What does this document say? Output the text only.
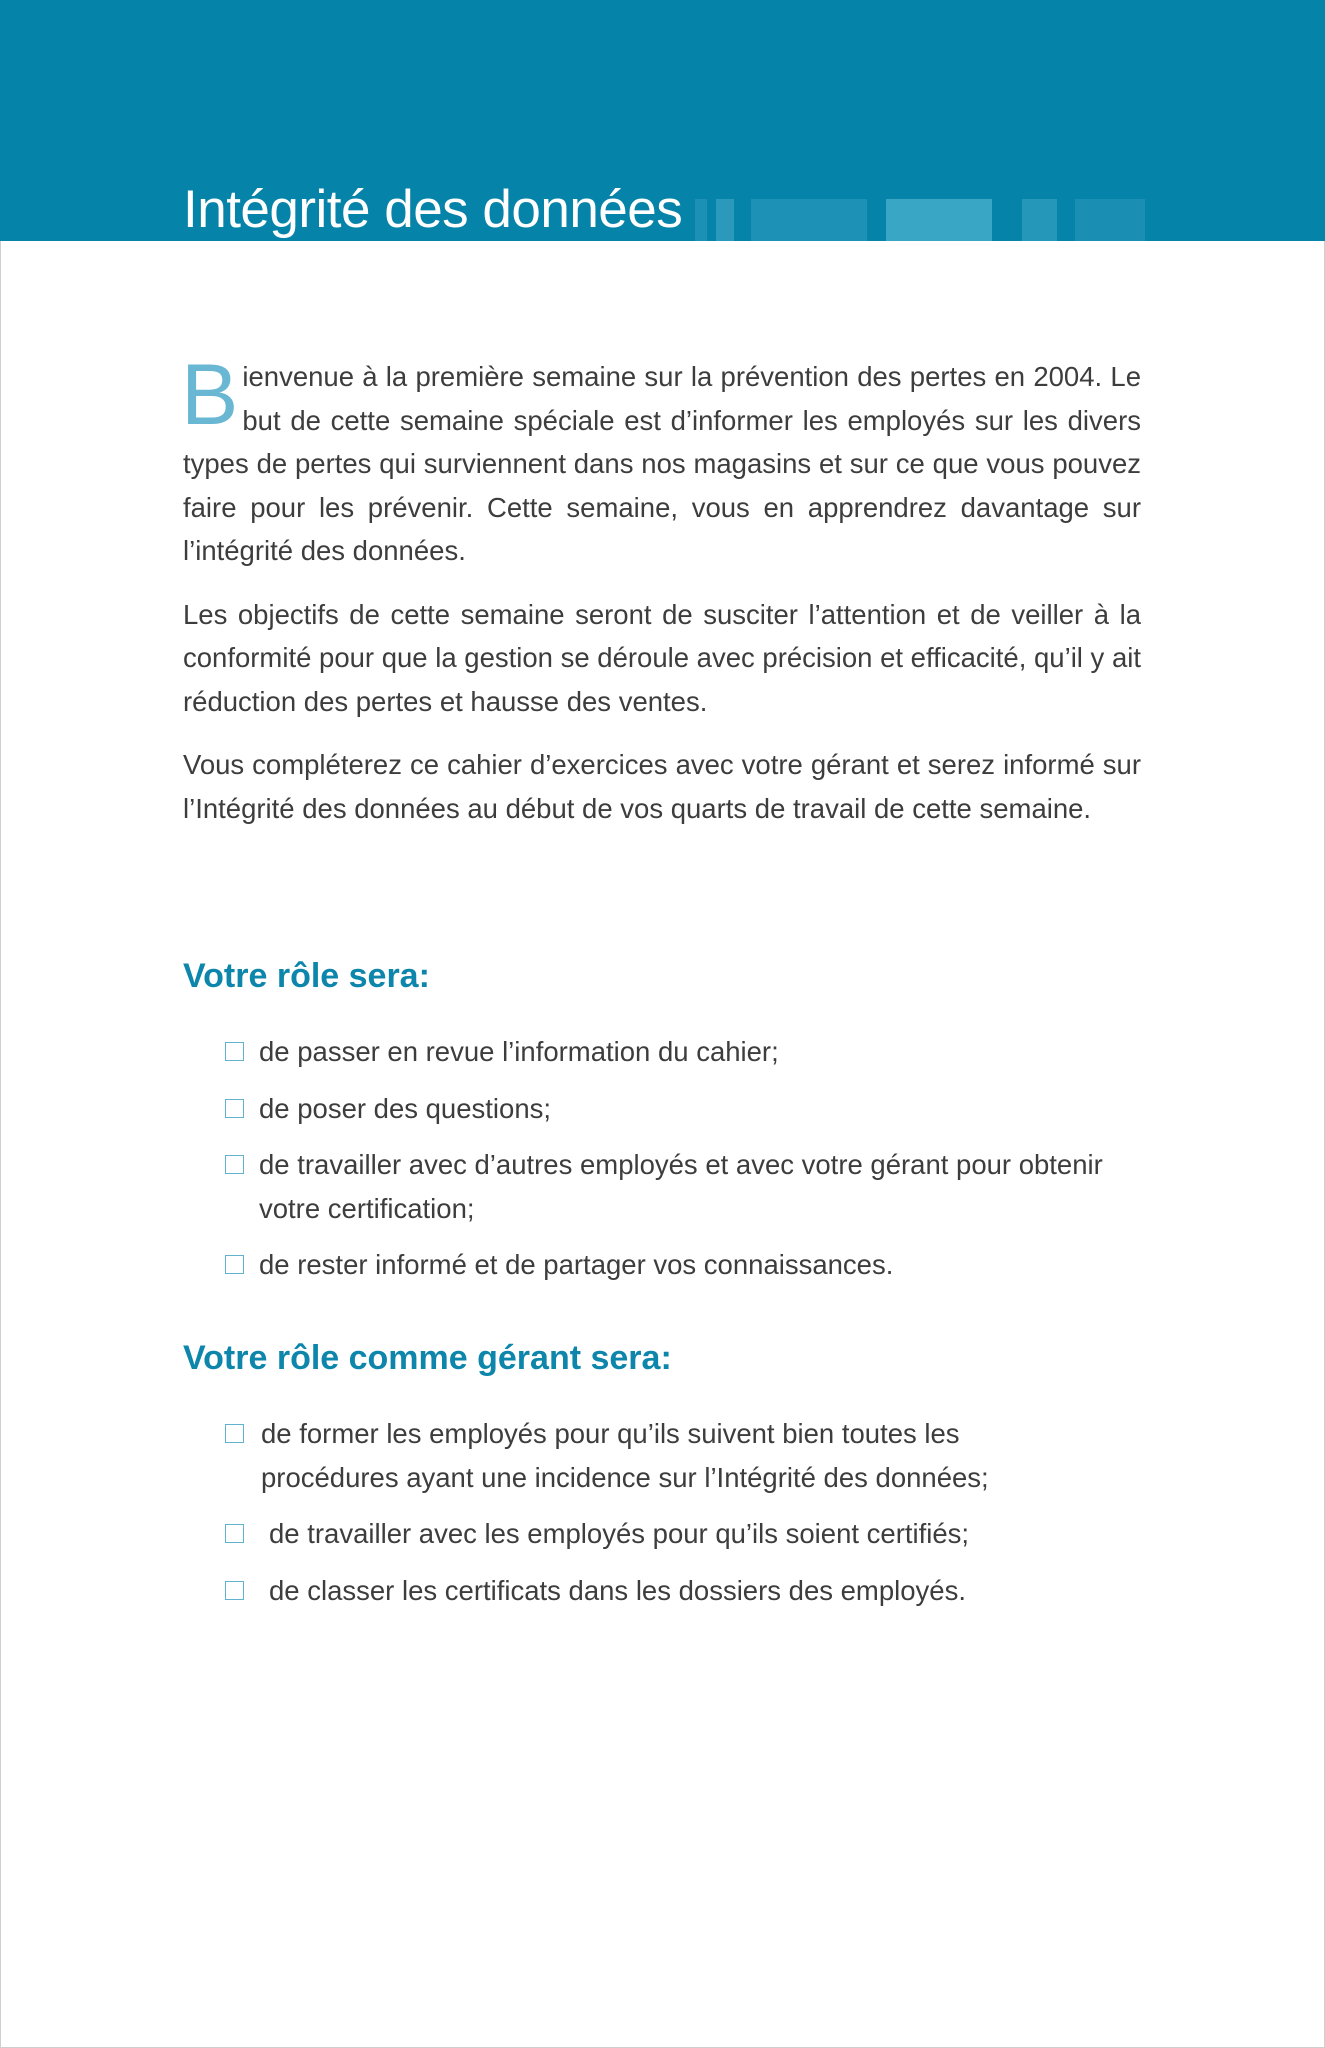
Intégrité des données

Bienvenue à la première semaine sur la prévention des pertes en 2004. Le but de cette semaine spéciale est d’informer les employés sur les divers types de pertes qui surviennent dans nos magasins et sur ce que vous pouvez faire pour les prévenir. Cette semaine, vous en apprendrez davantage sur l’intégrité des données.

Les objectifs de cette semaine seront de susciter l’attention et de veiller à la conformité pour que la gestion se déroule avec précision et efficacité, qu’il y ait réduction des pertes et hausse des ventes.

Vous compléterez ce cahier d’exercices avec votre gérant et serez informé sur l’Intégrité des données au début de vos quarts de travail de cette semaine.

Votre rôle sera:
de passer en revue l’information du cahier;
de poser des questions;
de travailler avec d’autres employés et avec votre gérant pour obtenir votre certification;
de rester informé et de partager vos connaissances.
Votre rôle comme gérant sera:
de former les employés pour qu’ils suivent bien toutes les procédures ayant une incidence sur l’Intégrité des données;
de travailler avec les employés pour qu’ils soient certifiés;
de classer les certificats dans les dossiers des employés.
